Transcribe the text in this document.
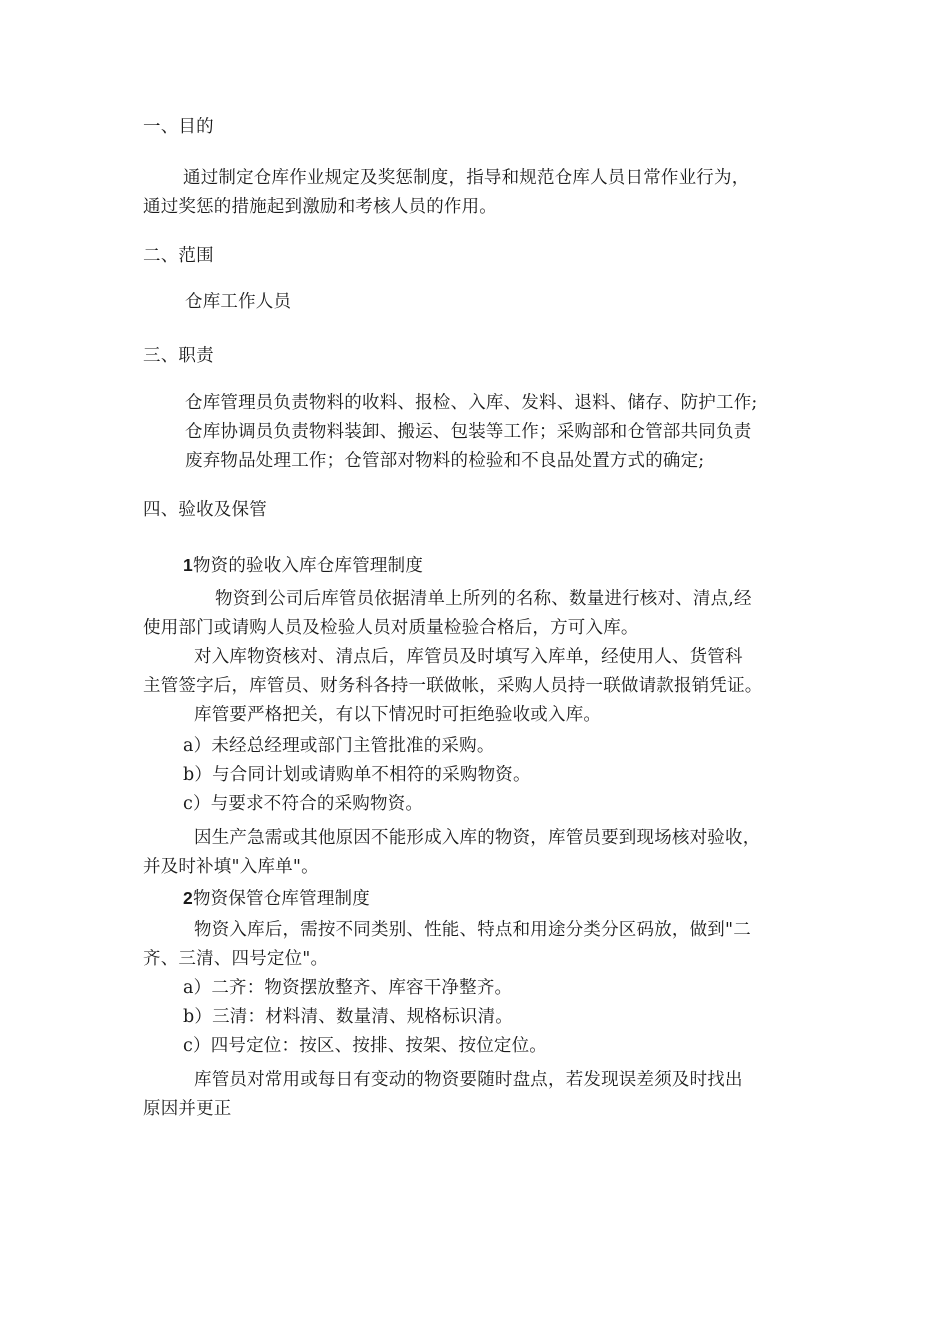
一、目的
通过制定仓库作业规定及奖惩制度，指导和规范仓库人员日常作业行为，
通过奖惩的措施起到激励和考核人员的作用。
二、范围
仓库工作人员
三、职责
仓库管理员负责物料的收料、报检、入库、发料、退料、储存、防护工作;
仓库协调员负责物料装卸、搬运、包装等工作；采购部和仓管部共同负责
废弃物品处理工作；仓管部对物料的检验和不良品处置方式的确定;
四、验收及保管
1物资的验收入库仓库管理制度
物资到公司后库管员依据清单上所列的名称、数量进行核对、清点,经
使用部门或请购人员及检验人员对质量检验合格后，方可入库。
对入库物资核对、清点后，库管员及时填写入库单，经使用人、货管科
主管签字后，库管员、财务科各持一联做帐，采购人员持一联做请款报销凭证。
库管要严格把关，有以下情况时可拒绝验收或入库。
a）未经总经理或部门主管批准的采购。
b）与合同计划或请购单不相符的采购物资。
c）与要求不符合的采购物资。
因生产急需或其他原因不能形成入库的物资，库管员要到现场核对验收，
并及时补填"入库单"。
2物资保管仓库管理制度
物资入库后，需按不同类别、性能、特点和用途分类分区码放，做到"二
齐、三清、四号定位"。
a）二齐：物资摆放整齐、库容干净整齐。
b）三清：材料清、数量清、规格标识清。
c）四号定位：按区、按排、按架、按位定位。
库管员对常用或每日有变动的物资要随时盘点，若发现误差须及时找出
原因并更正
